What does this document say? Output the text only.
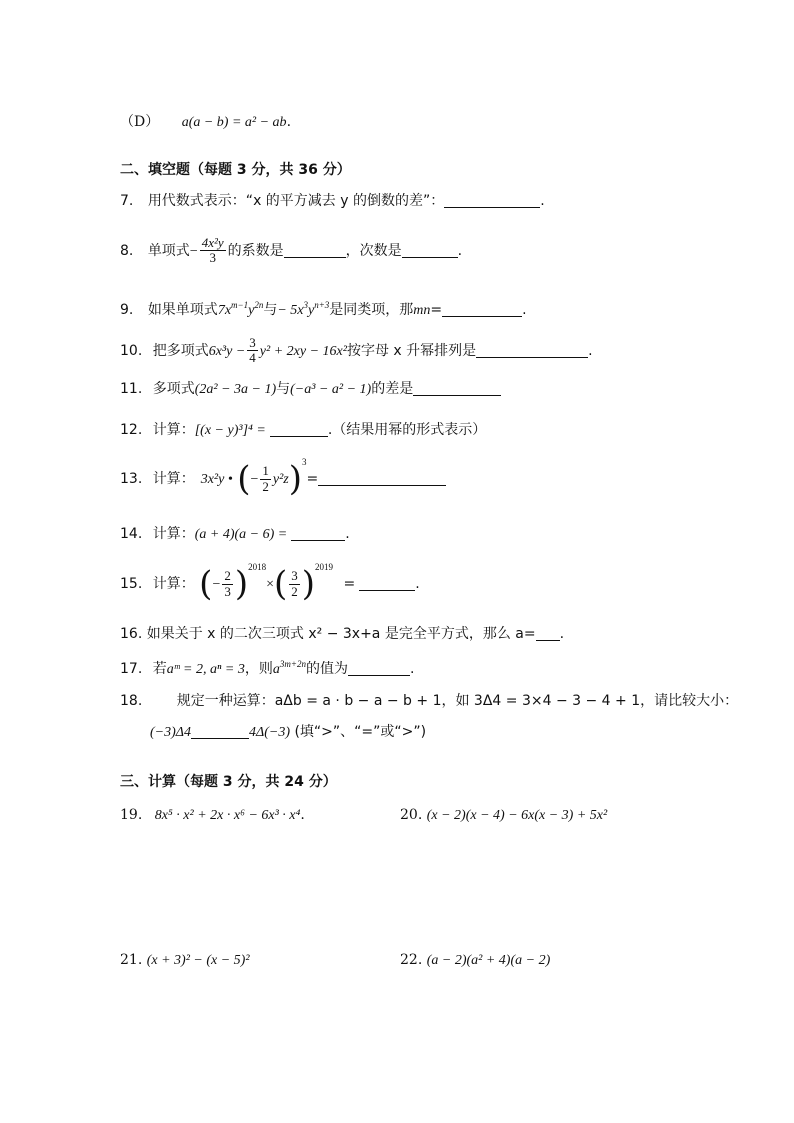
（D） a(a − b) = a² − ab.
二、填空题（每题 3 分，共 36 分）
7. 用代数式表示：“x 的平方减去 y 的倒数的差”：	.
8. 单项式− $\frac{\text{4x²y}}{3}$ 的系数是	，次数是	.
9. 如果单项式$7x^{m-1}y^{2n}$与− $5x^3y^{n+3}$是同类项，那mn=	.
10. 把多项式$6x^3y - \frac{3}{4} y^2 + 2xy - 16x^2$按字母 x 升幂排列是	.
11. 多项式(2a² − 3a − 1)与(−a³ − a² − 1)的差是
12. 计算：[(x − y)³]⁴ =	.（结果用幂的形式表示）
13. 计算： 3x²y • (− $\frac{1}{2} y^2z)^3=$
14. 计算：(a + 4)(a − 6) =	.
15. 计算： (− $\frac{2}{3} )^{2018}\times( \frac{3}{2} )^{2019}$ =	.
16. 如果关于 x 的二次三项式 x² − 3x+a 是完全平方式，那么 a= .
17. 若aᵐ = 2, aⁿ = 3，则$a^{3m+2n}$的值为	.
18. 规定一种运算：aΔb = a · b − a − b + 1，如 3Δ4 = 3×4 − 3 − 4 + 1，请比较大小：
(−3)Δ4	4Δ(−3) (填“>”、“=”或“>”)
三、计算（每题 3 分，共 24 分）
19. 8x⁵ · x² + 2x · x⁶ − 6x³ · x⁴.	20. (x − 2)(x − 4) − 6x(x − 3) + 5x²
21. (x + 3)² − (x − 5)²	22. (a − 2)(a² + 4)(a − 2)
